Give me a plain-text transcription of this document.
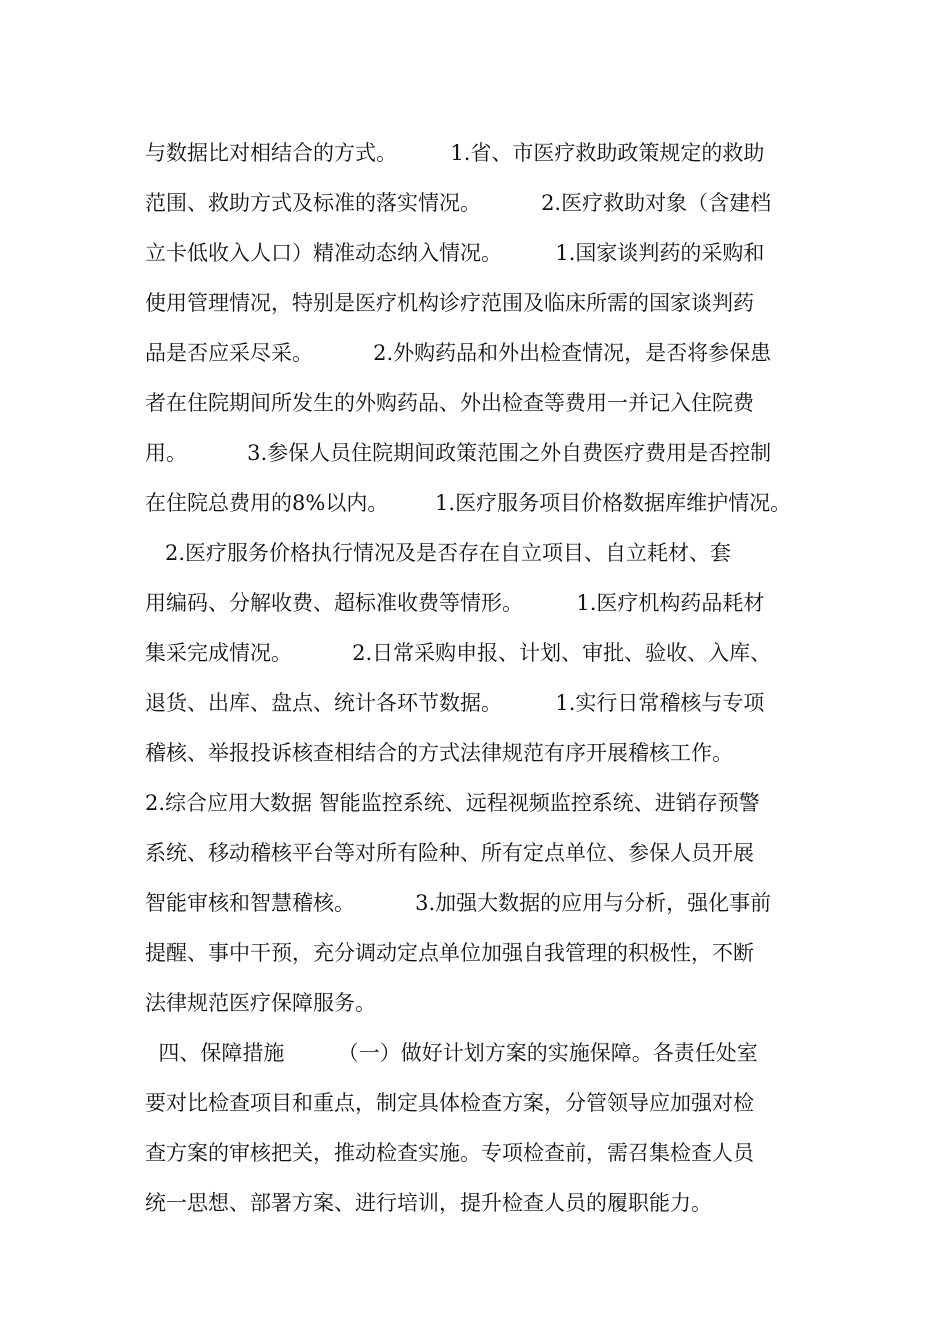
与数据比对相结合的方式。        1.省、市医疗救助政策规定的救助
范围、救助方式及标准的落实情况。         2.医疗救助对象（含建档
立卡低收入人口）精准动态纳入情况。        1.国家谈判药的采购和
使用管理情况，特别是医疗机构诊疗范围及临床所需的国家谈判药
品是否应采尽采。         2.外购药品和外出检查情况，是否将参保患
者在住院期间所发生的外购药品、外出检查等费用一并记入住院费
用。         3.参保人员住院期间政策范围之外自费医疗费用是否控制
在住院总费用的8%以内。       1.医疗服务项目价格数据库维护情况。
2.医疗服务价格执行情况及是否存在自立项目、自立耗材、套
用编码、分解收费、超标准收费等情形。        1.医疗机构药品耗材
集采完成情况。         2.日常采购申报、计划、审批、验收、入库、
退货、出库、盘点、统计各环节数据。        1.实行日常稽核与专项
稽核、举报投诉核查相结合的方式法律规范有序开展稽核工作。
2.综合应用大数据 智能监控系统、远程视频监控系统、进销存预警
系统、移动稽核平台等对所有险种、所有定点单位、参保人员开展
智能审核和智慧稽核。         3.加强大数据的应用与分析，强化事前
提醒、事中干预，充分调动定点单位加强自我管理的积极性，不断
法律规范医疗保障服务。
四、保障措施        （一）做好计划方案的实施保障。各责任处室
要对比检查项目和重点，制定具体检查方案，分管领导应加强对检
查方案的审核把关，推动检查实施。专项检查前，需召集检查人员
统一思想、部署方案、进行培训，提升检查人员的履职能力。
